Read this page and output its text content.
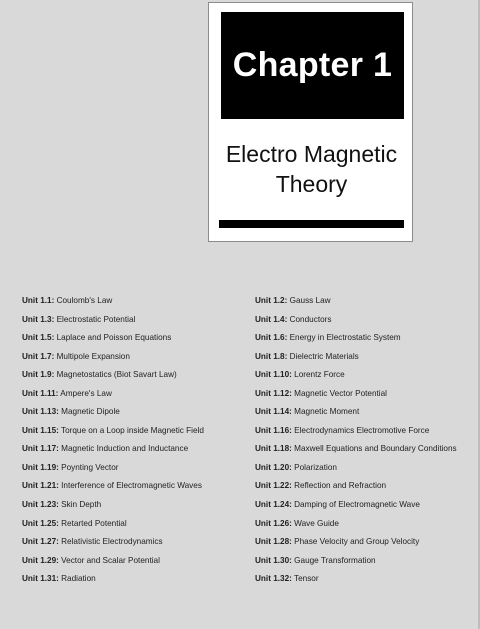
Chapter 1
Electro Magnetic
Theory
Unit 1.1: Coulomb's Law	Unit 1.2: Gauss Law
Unit 1.3: Electrostatic Potential	Unit 1.4: Conductors
Unit 1.5: Laplace and Poisson Equations	Unit 1.6: Energy in Electrostatic System
Unit 1.7: Multipole Expansion	Unit 1.8: Dielectric Materials
Unit 1.9: Magnetostatics (Biot Savart Law)	Unit 1.10: Lorentz Force
Unit 1.11: Ampere's Law	Unit 1.12: Magnetic Vector Potential
Unit 1.13: Magnetic Dipole	Unit 1.14: Magnetic Moment
Unit 1.15: Torque on a Loop inside Magnetic Field	Unit 1.16: Electrodynamics Electromotive Force
Unit 1.17: Magnetic Induction and Inductance	Unit 1.18: Maxwell Equations and Boundary Conditions
Unit 1.19: Poynting Vector	Unit 1.20: Polarization
Unit 1.21: Interference of Electromagnetic Waves	Unit 1.22: Reflection and Refraction
Unit 1.23: Skin Depth	Unit 1.24: Damping of Electromagnetic Wave
Unit 1.25: Retarted Potential	Unit 1.26: Wave Guide
Unit 1.27: Relativistic Electrodynamics	Unit 1.28: Phase Velocity and Group Velocity
Unit 1.29: Vector and Scalar Potential	Unit 1.30: Gauge Transformation
Unit 1.31: Radiation	Unit 1.32: Tensor
